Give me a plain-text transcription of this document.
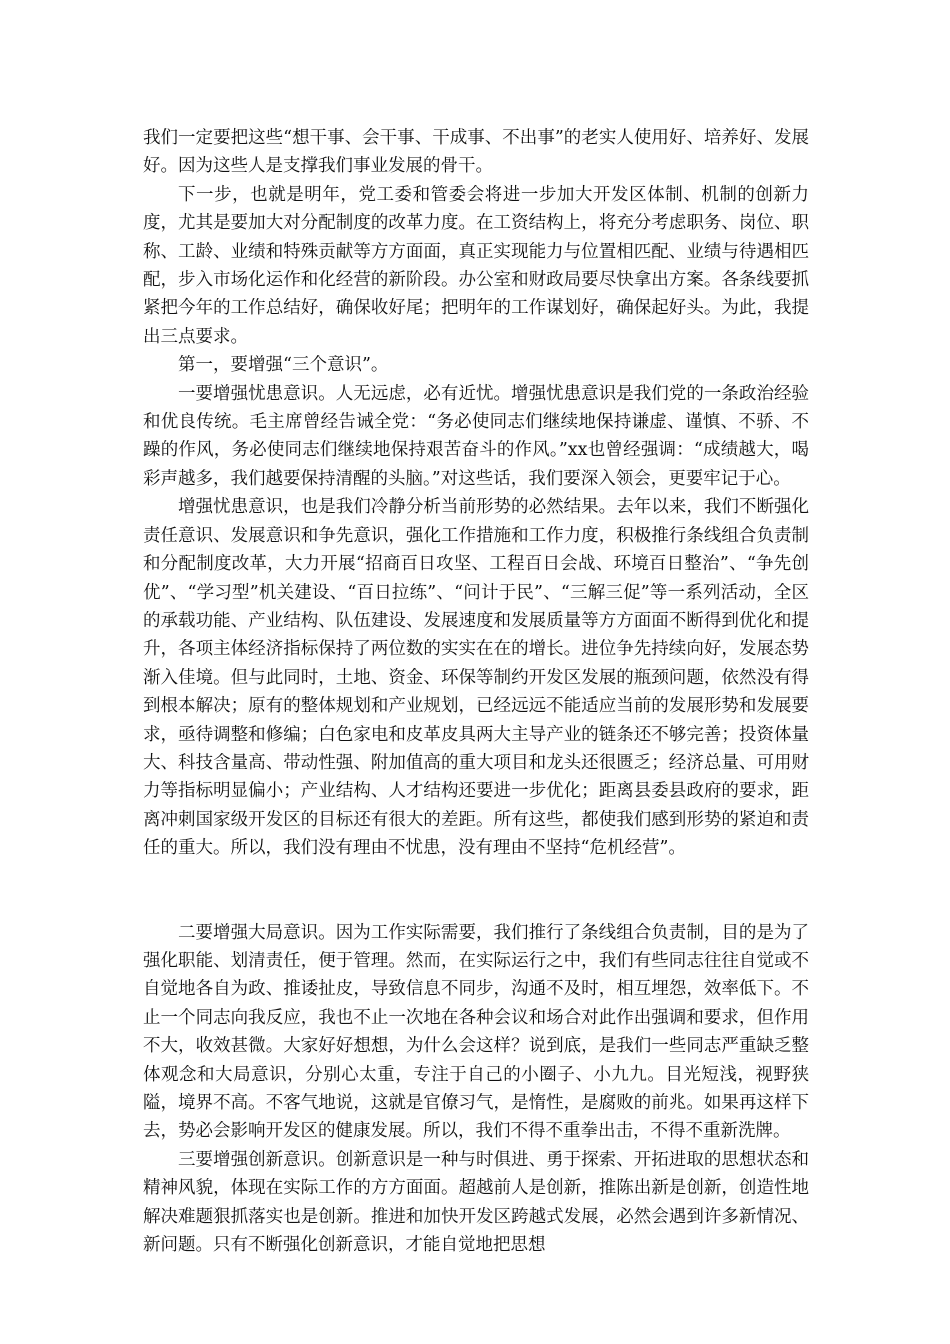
我们一定要把这些“想干事、会干事、干成事、不出事”的老实人使用好、培养好、发展好。因为这些人是支撑我们事业发展的骨干。

下一步，也就是明年，党工委和管委会将进一步加大开发区体制、机制的创新力度，尤其是要加大对分配制度的改革力度。在工资结构上，将充分考虑职务、岗位、职称、工龄、业绩和特殊贡献等方方面面，真正实现能力与位置相匹配、业绩与待遇相匹配，步入市场化运作和化经营的新阶段。办公室和财政局要尽快拿出方案。各条线要抓紧把今年的工作总结好，确保收好尾；把明年的工作谋划好，确保起好头。为此，我提出三点要求。

第一，要增强“三个意识”。

一要增强忧患意识。人无远虑，必有近忧。增强忧患意识是我们党的一条政治经验和优良传统。毛主席曾经告诫全党：“务必使同志们继续地保持谦虚、谨慎、不骄、不躁的作风，务必使同志们继续地保持艰苦奋斗的作风。”xx也曾经强调：“成绩越大，喝彩声越多，我们越要保持清醒的头脑。”对这些话，我们要深入领会，更要牢记于心。

增强忧患意识，也是我们冷静分析当前形势的必然结果。去年以来，我们不断强化责任意识、发展意识和争先意识，强化工作措施和工作力度，积极推行条线组合负责制和分配制度改革，大力开展“招商百日攻坚、工程百日会战、环境百日整治”、“争先创优”、“学习型”机关建设、“百日拉练”、“问计于民”、“三解三促”等一系列活动，全区的承载功能、产业结构、队伍建设、发展速度和发展质量等方方面面不断得到优化和提升，各项主体经济指标保持了两位数的实实在在的增长。进位争先持续向好，发展态势渐入佳境。但与此同时，土地、资金、环保等制约开发区发展的瓶颈问题，依然没有得到根本解决；原有的整体规划和产业规划，已经远远不能适应当前的发展形势和发展要求，亟待调整和修编；白色家电和皮革皮具两大主导产业的链条还不够完善；投资体量大、科技含量高、带动性强、附加值高的重大项目和龙头还很匮乏；经济总量、可用财力等指标明显偏小；产业结构、人才结构还要进一步优化；距离县委县政府的要求，距离冲刺国家级开发区的目标还有很大的差距。所有这些，都使我们感到形势的紧迫和责任的重大。所以，我们没有理由不忧患，没有理由不坚持“危机经营”。

二要增强大局意识。因为工作实际需要，我们推行了条线组合负责制，目的是为了强化职能、划清责任，便于管理。然而，在实际运行之中，我们有些同志往往自觉或不自觉地各自为政、推诿扯皮，导致信息不同步，沟通不及时，相互埋怨，效率低下。不止一个同志向我反应，我也不止一次地在各种会议和场合对此作出强调和要求，但作用不大，收效甚微。大家好好想想，为什么会这样？说到底，是我们一些同志严重缺乏整体观念和大局意识，分别心太重，专注于自己的小圈子、小九九。目光短浅，视野狭隘，境界不高。不客气地说，这就是官僚习气，是惰性，是腐败的前兆。如果再这样下去，势必会影响开发区的健康发展。所以，我们不得不重拳出击，不得不重新洗牌。

三要增强创新意识。创新意识是一种与时俱进、勇于探索、开拓进取的思想状态和精神风貌，体现在实际工作的方方面面。超越前人是创新，推陈出新是创新，创造性地解决难题狠抓落实也是创新。推进和加快开发区跨越式发展，必然会遇到许多新情况、新问题。只有不断强化创新意识，才能自觉地把思想
